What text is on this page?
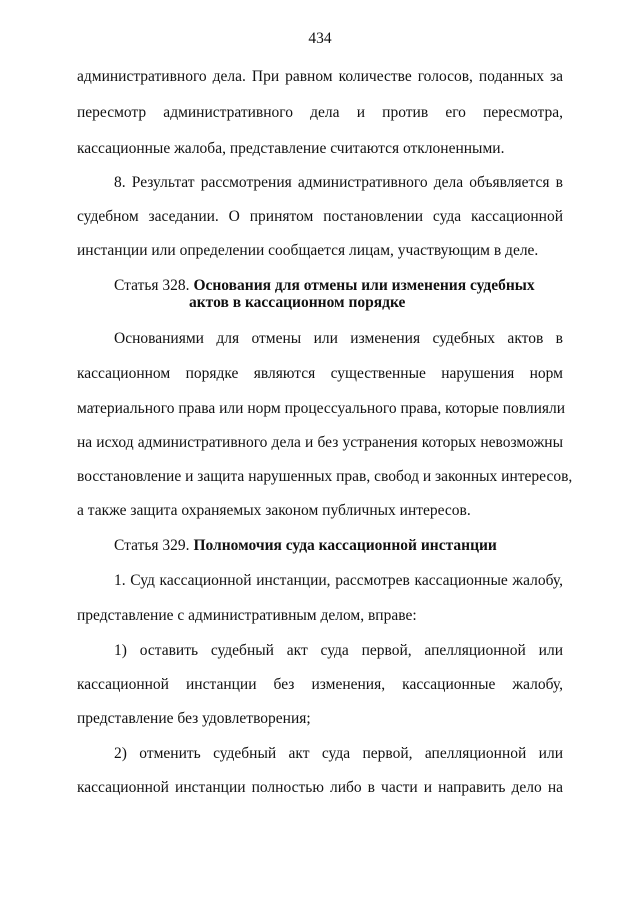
434
административного дела. При равном количестве голосов, поданных за
пересмотр административного дела и против его пересмотра,
кассационные жалоба, представление считаются отклоненными.
8. Результат рассмотрения административного дела объявляется в
судебном заседании. О принятом постановлении суда кассационной
инстанции или определении сообщается лицам, участвующим в деле.
Статья 328. Основания для отмены или изменения судебных
актов в кассационном порядке
Основаниями для отмены или изменения судебных актов в
кассационном порядке являются существенные нарушения норм
материального права или норм процессуального права, которые повлияли
на исход административного дела и без устранения которых невозможны
восстановление и защита нарушенных прав, свобод и законных интересов,
а также защита охраняемых законом публичных интересов.
Статья 329. Полномочия суда кассационной инстанции
1. Суд кассационной инстанции, рассмотрев кассационные жалобу,
представление с административным делом, вправе:
1) оставить судебный акт суда первой, апелляционной или
кассационной инстанции без изменения, кассационные жалобу,
представление без удовлетворения;
2) отменить судебный акт суда первой, апелляционной или
кассационной инстанции полностью либо в части и направить дело на
